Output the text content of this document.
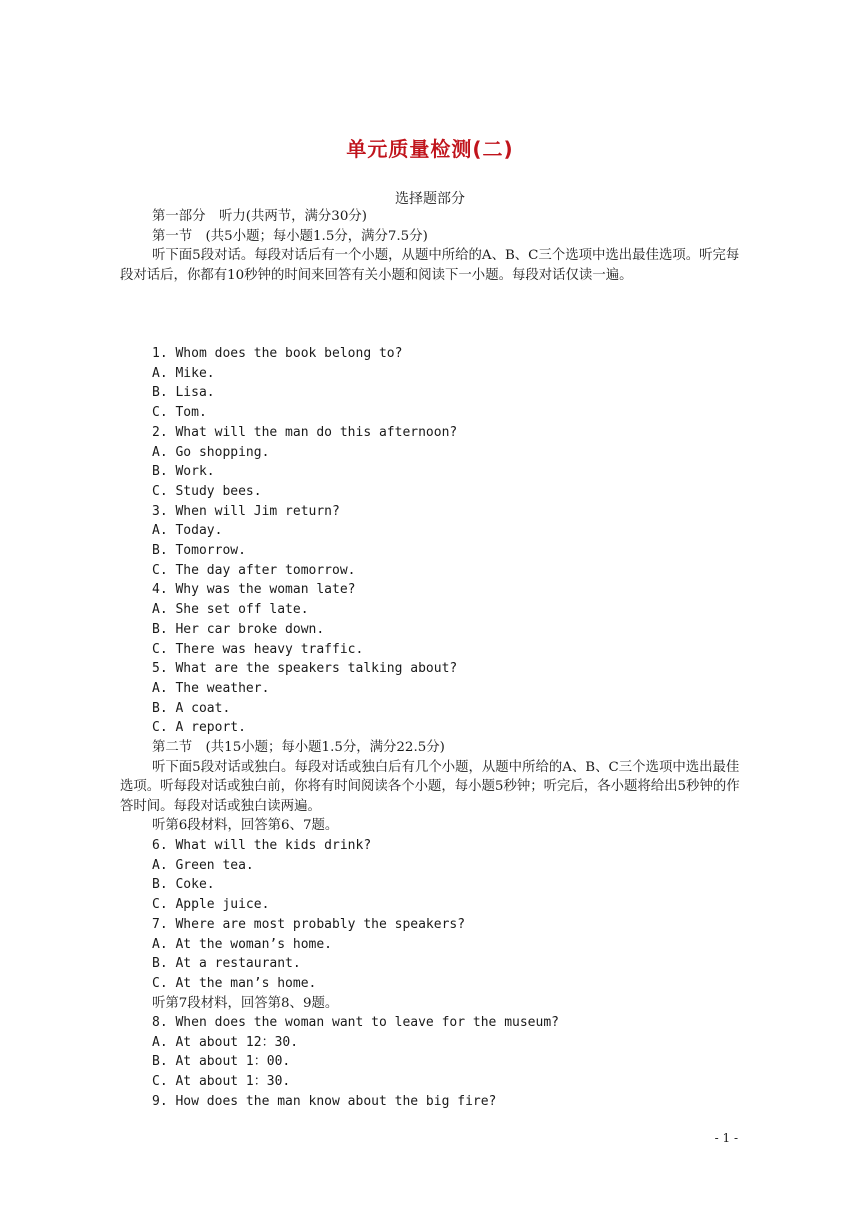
单元质量检测(二)
选择题部分
第一部分　听力(共两节，满分30分)
第一节　(共5小题；每小题1.5分，满分7.5分)
听下面5段对话。每段对话后有一个小题，从题中所给的A、B、C三个选项中选出最佳选项。听完每段对话后，你都有10秒钟的时间来回答有关小题和阅读下一小题。每段对话仅读一遍。
1. Whom does the book belong to?
A. Mike.
B. Lisa.
C. Tom.
2. What will the man do this afternoon?
A. Go shopping.
B. Work.
C. Study bees.
3. When will Jim return?
A. Today.
B. Tomorrow.
C. The day after tomorrow.
4. Why was the woman late?
A. She set off late.
B. Her car broke down.
C. There was heavy traffic.
5. What are the speakers talking about?
A. The weather.
B. A coat.
C. A report.
第二节　(共15小题；每小题1.5分，满分22.5分)
听下面5段对话或独白。每段对话或独白后有几个小题，从题中所给的A、B、C三个选项中选出最佳选项。听每段对话或独白前，你将有时间阅读各个小题，每小题5秒钟；听完后，各小题将给出5秒钟的作答时间。每段对话或独白读两遍。
听第6段材料，回答第6、7题。
6. What will the kids drink?
A. Green tea.
B. Coke.
C. Apple juice.
7. Where are most probably the speakers?
A. At the woman’s home.
B. At a restaurant.
C. At the man’s home.
听第7段材料，回答第8、9题。
8. When does the woman want to leave for the museum?
A. At about 12：30.
B. At about 1：00.
C. At about 1：30.
9. How does the man know about the big fire?
- 1 -
